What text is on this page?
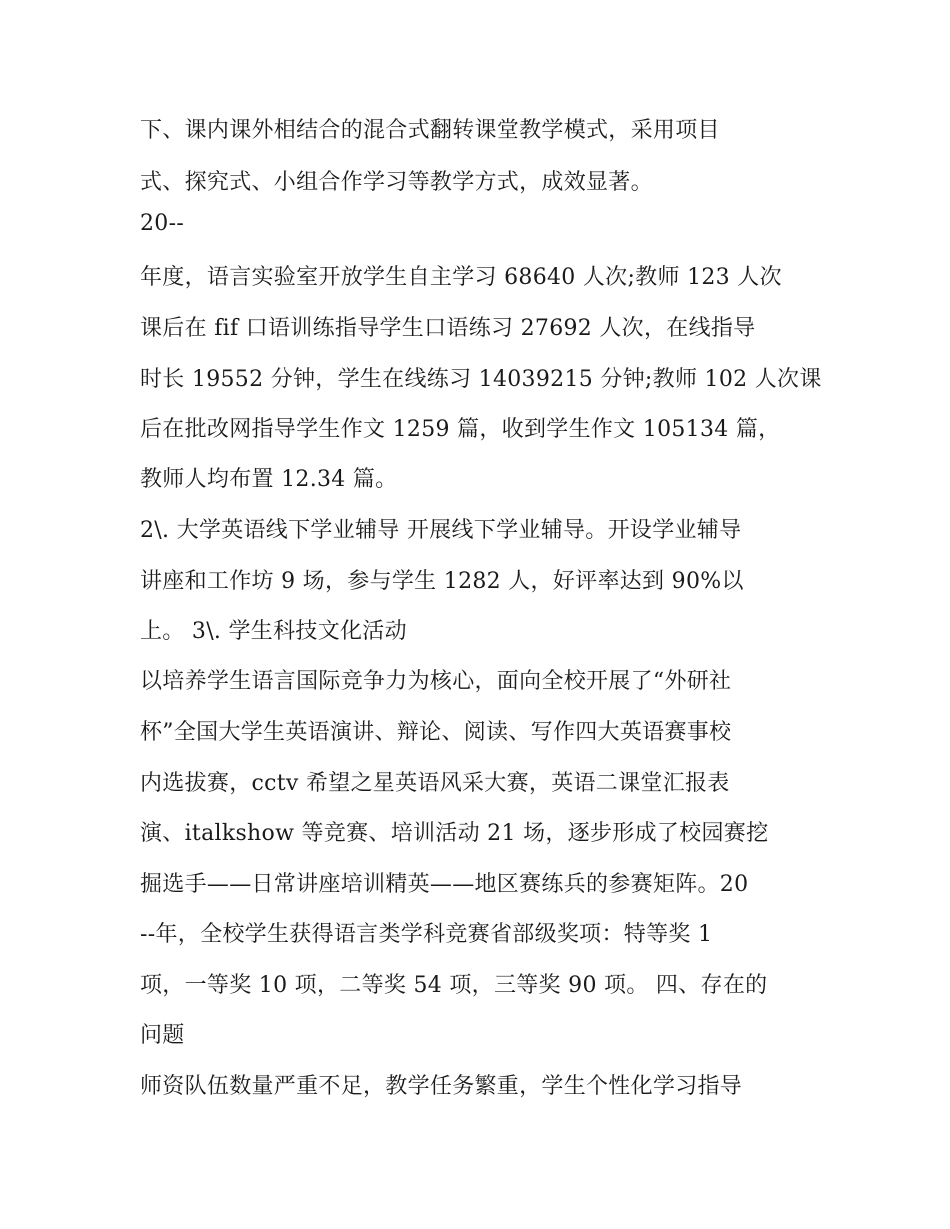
下、课内课外相结合的混合式翻转课堂教学模式，采用项目
式、探究式、小组合作学习等教学方式，成效显著。
20--
年度，语言实验室开放学生自主学习 68640 人次;教师 123 人次
课后在 fif 口语训练指导学生口语练习 27692 人次，在线指导
时长 19552 分钟，学生在线练习 14039215 分钟;教师 102 人次课
后在批改网指导学生作文 1259 篇，收到学生作文 105134 篇，
教师人均布置 12.34 篇。
2\. 大学英语线下学业辅导 开展线下学业辅导。开设学业辅导
讲座和工作坊 9 场，参与学生 1282 人，好评率达到 90%以
上。 3\. 学生科技文化活动
以培养学生语言国际竞争力为核心，面向全校开展了“外研社
杯”全国大学生英语演讲、辩论、阅读、写作四大英语赛事校
内选拔赛，cctv 希望之星英语风采大赛，英语二课堂汇报表
演、italkshow 等竞赛、培训活动 21 场，逐步形成了校园赛挖
掘选手——日常讲座培训精英——地区赛练兵的参赛矩阵。20
--年，全校学生获得语言类学科竞赛省部级奖项：特等奖 1
项，一等奖 10 项，二等奖 54 项，三等奖 90 项。 四、存在的
问题
师资队伍数量严重不足，教学任务繁重，学生个性化学习指导
